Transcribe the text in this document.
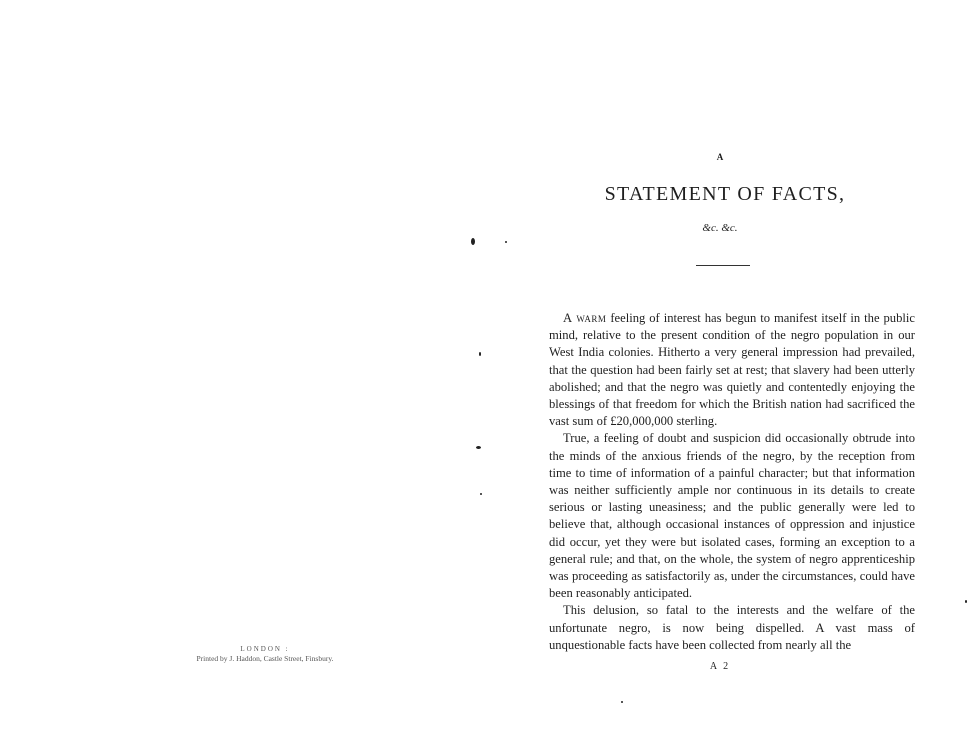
LONDON :
Printed by J. Haddon, Castle Street, Finsbury.
A
STATEMENT OF FACTS,
&c. &c.

A warm feeling of interest has begun to manifest itself in the public mind, relative to the present condition of the negro population in our West India colonies. Hitherto a very general impression had prevailed, that the question had been fairly set at rest; that slavery had been utterly abolished; and that the negro was quietly and contentedly enjoying the blessings of that freedom for which the British nation had sacrificed the vast sum of £20,000,000 sterling.

True, a feeling of doubt and suspicion did occasionally obtrude into the minds of the anxious friends of the negro, by the reception from time to time of information of a painful character; but that information was neither sufficiently ample nor continuous in its details to create serious or lasting uneasiness; and the public generally were led to believe that, although occasional instances of oppression and injustice did occur, yet they were but isolated cases, forming an exception to a general rule; and that, on the whole, the system of negro apprenticeship was proceeding as satisfactorily as, under the circumstances, could have been reasonably anticipated.

This delusion, so fatal to the interests and the welfare of the unfortunate negro, is now being dispelled. A vast mass of unquestionable facts have been collected from nearly all the

A 2
